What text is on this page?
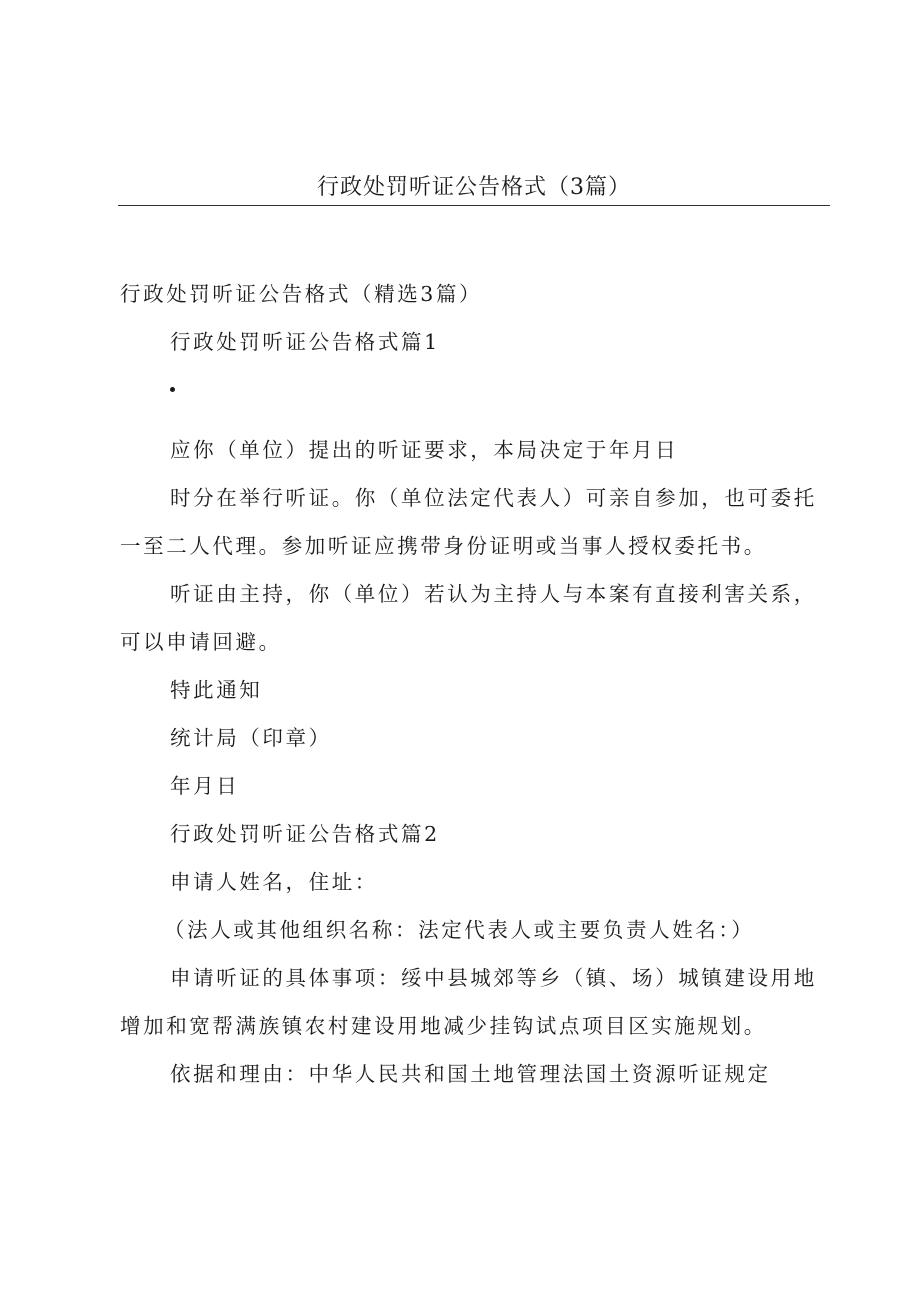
行政处罚听证公告格式（3篇）

行政处罚听证公告格式（精选3篇）

行政处罚听证公告格式篇1

应你（单位）提出的听证要求，本局决定于年月日

时分在举行听证。你（单位法定代表人）可亲自参加，也可委托一至二人代理。参加听证应携带身份证明或当事人授权委托书。

听证由主持，你（单位）若认为主持人与本案有直接利害关系，可以申请回避。

特此通知

统计局（印章）

年月日

行政处罚听证公告格式篇2

申请人姓名，住址：

（法人或其他组织名称：法定代表人或主要负责人姓名：）

申请听证的具体事项：绥中县城郊等乡（镇、场）城镇建设用地增加和宽帮满族镇农村建设用地减少挂钩试点项目区实施规划。

依据和理由：中华人民共和国土地管理法国土资源听证规定
